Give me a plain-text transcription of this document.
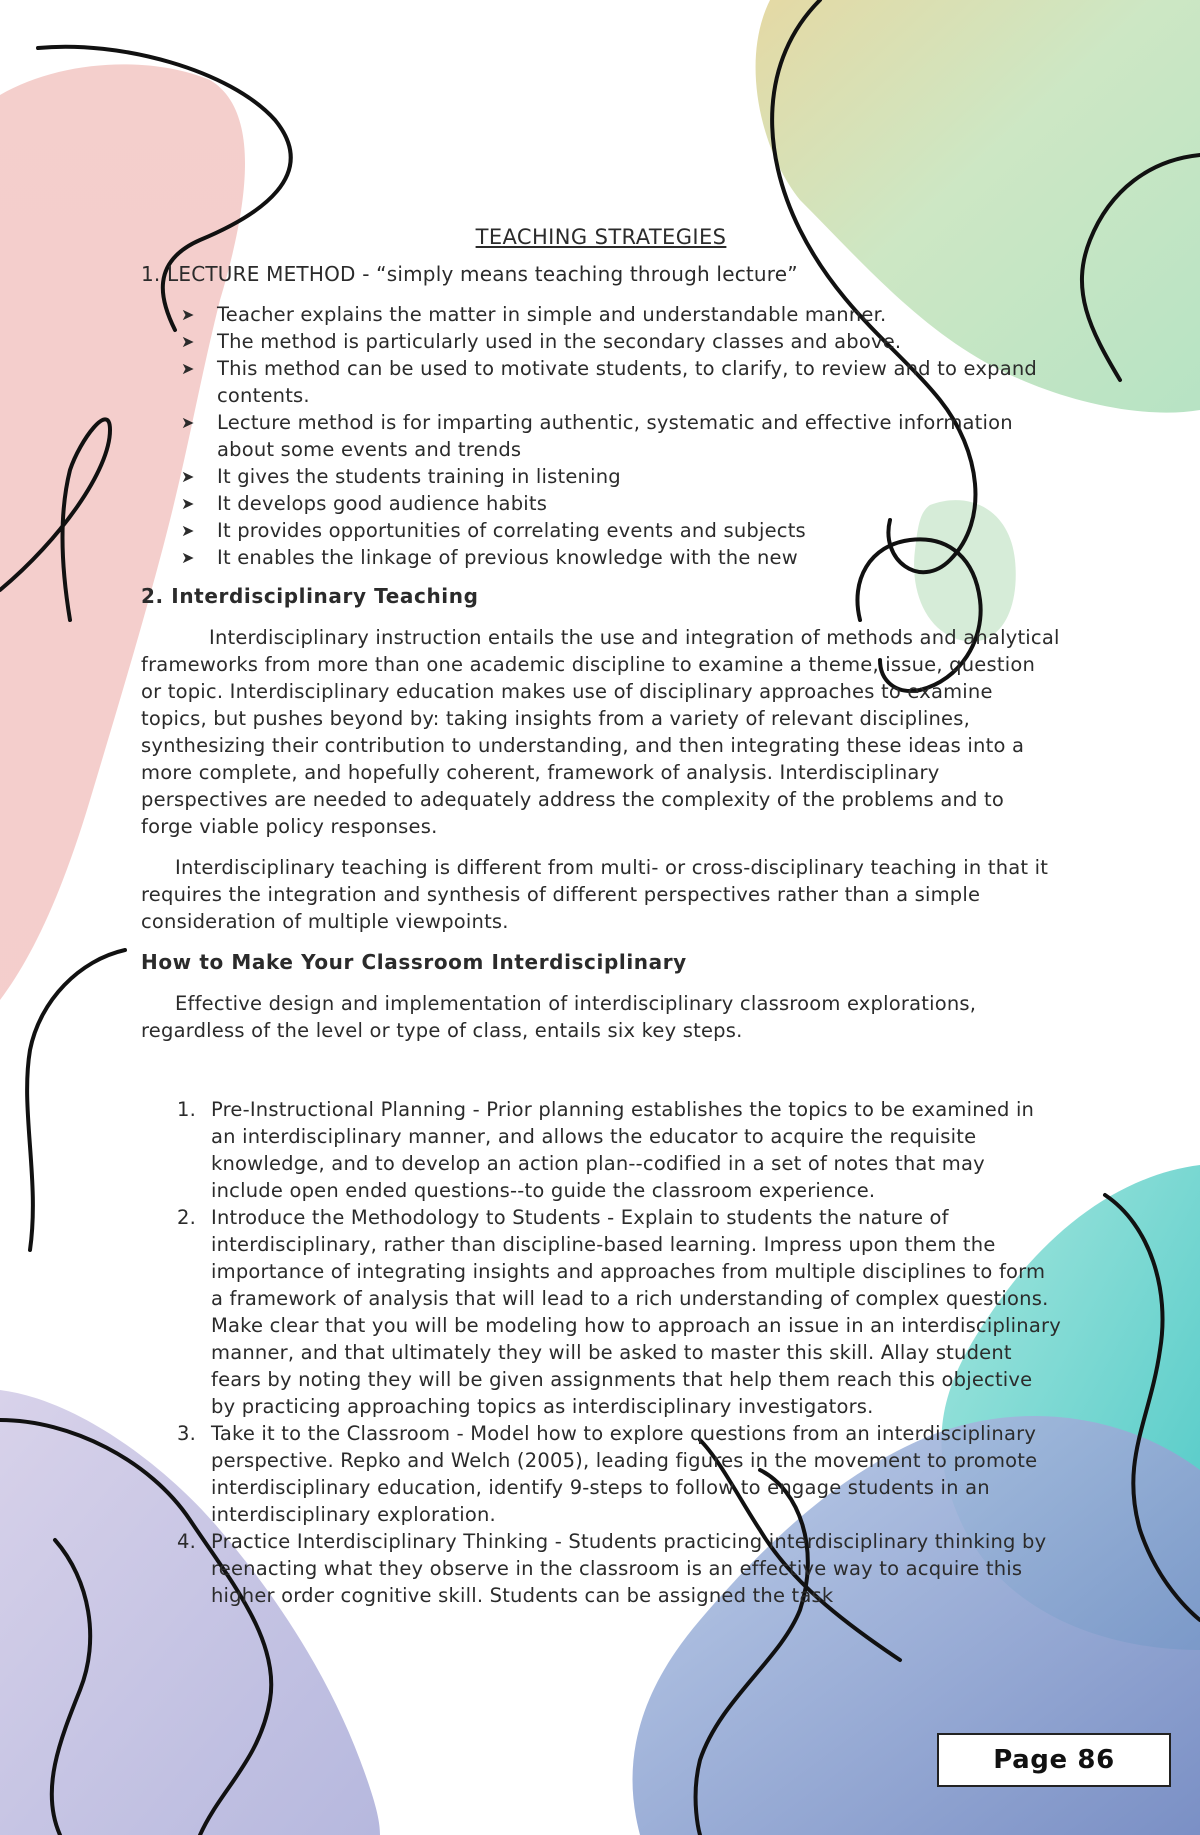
TEACHING STRATEGIES

1. LECTURE METHOD - “simply means teaching through lecture”

➤ Teacher explains the matter in simple and understandable manner.
➤ The method is particularly used in the secondary classes and above.
➤ This method can be used to motivate students, to clarify, to review and to expand contents.
➤ Lecture method is for imparting authentic, systematic and effective information about some events and trends
➤ It gives the students training in listening
➤ It develops good audience habits
➤ It provides opportunities of correlating events and subjects
➤ It enables the linkage of previous knowledge with the new
2. Interdisciplinary Teaching

Interdisciplinary instruction entails the use and integration of methods and analytical frameworks from more than one academic discipline to examine a theme, issue, question or topic. Interdisciplinary education makes use of disciplinary approaches to examine topics, but pushes beyond by: taking insights from a variety of relevant disciplines, synthesizing their contribution to understanding, and then integrating these ideas into a more complete, and hopefully coherent, framework of analysis. Interdisciplinary perspectives are needed to adequately address the complexity of the problems and to forge viable policy responses.

Interdisciplinary teaching is different from multi- or cross-disciplinary teaching in that it requires the integration and synthesis of different perspectives rather than a simple consideration of multiple viewpoints.

How to Make Your Classroom Interdisciplinary

Effective design and implementation of interdisciplinary classroom explorations, regardless of the level or type of class, entails six key steps.

1. Pre-Instructional Planning - Prior planning establishes the topics to be examined in an interdisciplinary manner, and allows the educator to acquire the requisite knowledge, and to develop an action plan--codified in a set of notes that may include open ended questions--to guide the classroom experience.
2. Introduce the Methodology to Students - Explain to students the nature of interdisciplinary, rather than discipline-based learning. Impress upon them the importance of integrating insights and approaches from multiple disciplines to form a framework of analysis that will lead to a rich understanding of complex questions. Make clear that you will be modeling how to approach an issue in an interdisciplinary manner, and that ultimately they will be asked to master this skill. Allay student fears by noting they will be given assignments that help them reach this objective by practicing approaching topics as interdisciplinary investigators.
3. Take it to the Classroom - Model how to explore questions from an interdisciplinary perspective. Repko and Welch (2005), leading figures in the movement to promote interdisciplinary education, identify 9-steps to follow to engage students in an interdisciplinary exploration.
4. Practice Interdisciplinary Thinking - Students practicing interdisciplinary thinking by reenacting what they observe in the classroom is an effective way to acquire this higher order cognitive skill. Students can be assigned the task
Page 86
